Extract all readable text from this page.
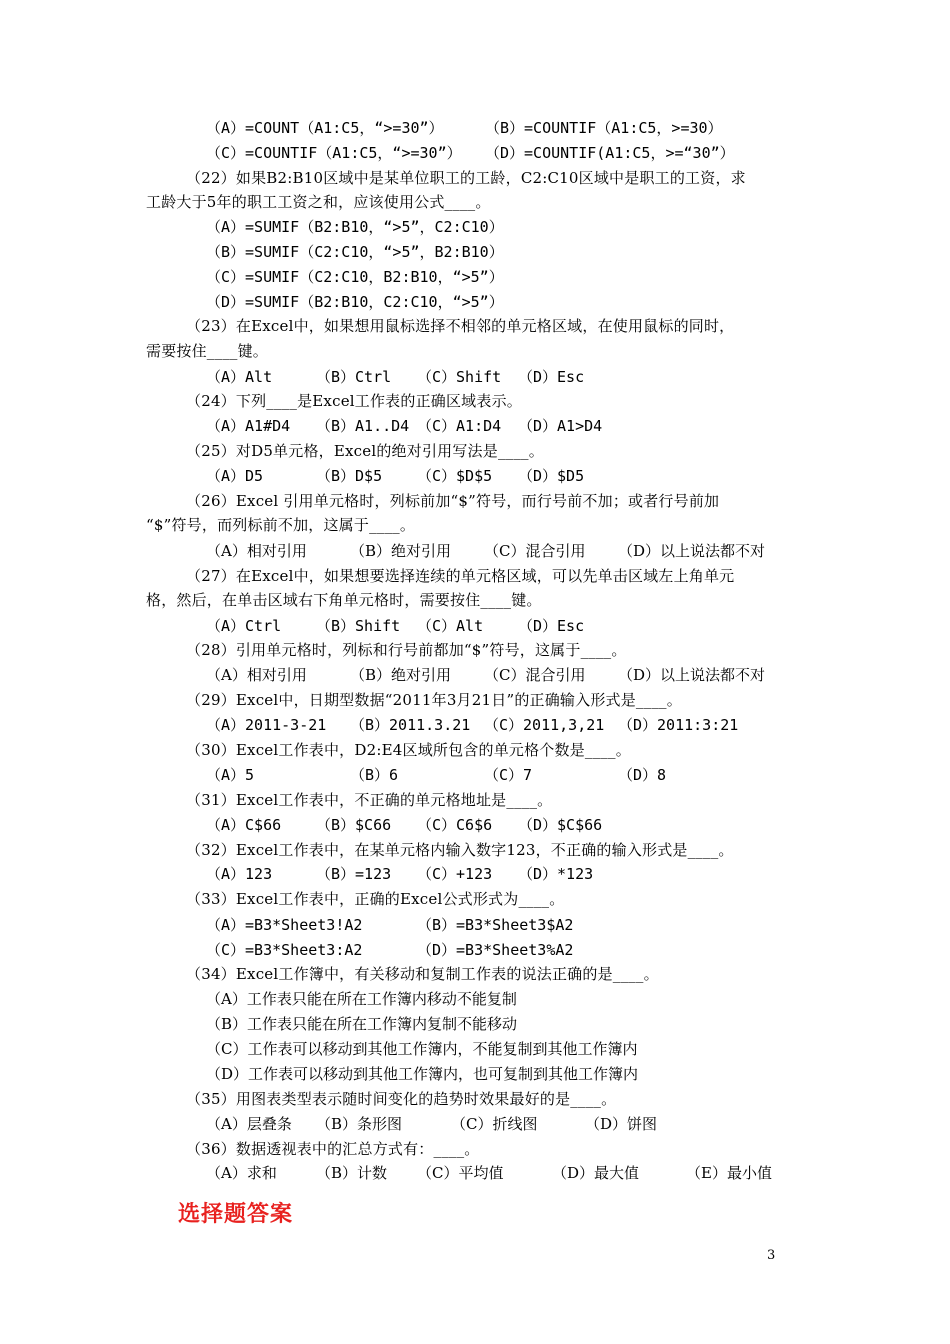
（A）=COUNT（A1:C5，“>=30”）	（B）=COUNTIF（A1:C5，>=30）
（C）=COUNTIF（A1:C5，“>=30”） （D）=COUNTIF(A1:C5，>=“30”）
（22）如果B2:B10区域中是某单位职工的工龄，C2:C10区域中是职工的工资，求
工龄大于5年的职工工资之和，应该使用公式____。
（A）=SUMIF（B2:B10，“>5”，C2:C10）
（B）=SUMIF（C2:C10，“>5”，B2:B10）
（C）=SUMIF（C2:C10，B2:B10，“>5”）
（D）=SUMIF（B2:B10，C2:C10，“>5”）
（23）在Excel中，如果想用鼠标选择不相邻的单元格区域，在使用鼠标的同时，
需要按住____键。
（A）Alt	（B）Ctrl （C）Shift （D）Esc
（24）下列____是Excel工作表的正确区域表示。
（A）A1#D4 （B）A1..D4 （C）A1:D4 （D）A1>D4
（25）对D5单元格，Excel的绝对引用写法是____。
（A）D5	（B）D$5 （C）$D$5 （D）$D5
（26）Excel 引用单元格时，列标前加“$”符号，而行号前不加；或者行号前加
“$”符号，而列标前不加，这属于____。
（A）相对引用	（B）绝对引用 （C）混合引用 （D）以上说法都不对
（27）在Excel中，如果想要选择连续的单元格区域，可以先单击区域左上角单元
格，然后，在单击区域右下角单元格时，需要按住____键。
（A）Ctrl （B）Shift （C）Alt （D）Esc
（28）引用单元格时，列标和行号前都加“$”符号，这属于____。
（A）相对引用	（B）绝对引用 （C）混合引用 （D）以上说法都不对
（29）Excel中，日期型数据“2011年3月21日”的正确输入形式是____。
（A）2011-3-21 （B）2011.3.21 （C）2011,3,21 （D）2011:3:21
（30）Excel工作表中，D2:E4区域所包含的单元格个数是____。
（A）5	（B）6	（C）7	（D）8
（31）Excel工作表中，不正确的单元格地址是____。
（A）C$66 （B）$C66 （C）C6$6 （D）$C$66
（32）Excel工作表中，在某单元格内输入数字123，不正确的输入形式是____。
（A）123	（B）=123 （C）+123 （D）*123
（33）Excel工作表中，正确的Excel公式形式为____。
（A）=B3*Sheet3!A2	（B）=B3*Sheet3$A2
（C）=B3*Sheet3:A2	（D）=B3*Sheet3%A2
（34）Excel工作簿中，有关移动和复制工作表的说法正确的是____。
（A）工作表只能在所在工作簿内移动不能复制
（B）工作表只能在所在工作簿内复制不能移动
（C）工作表可以移动到其他工作簿内，不能复制到其他工作簿内
（D）工作表可以移动到其他工作簿内，也可复制到其他工作簿内
（35）用图表类型表示随时间变化的趋势时效果最好的是____。
（A）层叠条 （B）条形图	（C）折线图	（D）饼图
（36）数据透视表中的汇总方式有：____。
（A）求和	（B）计数 （C）平均值	（D）最大值	（E）最小值
选择题答案
3
